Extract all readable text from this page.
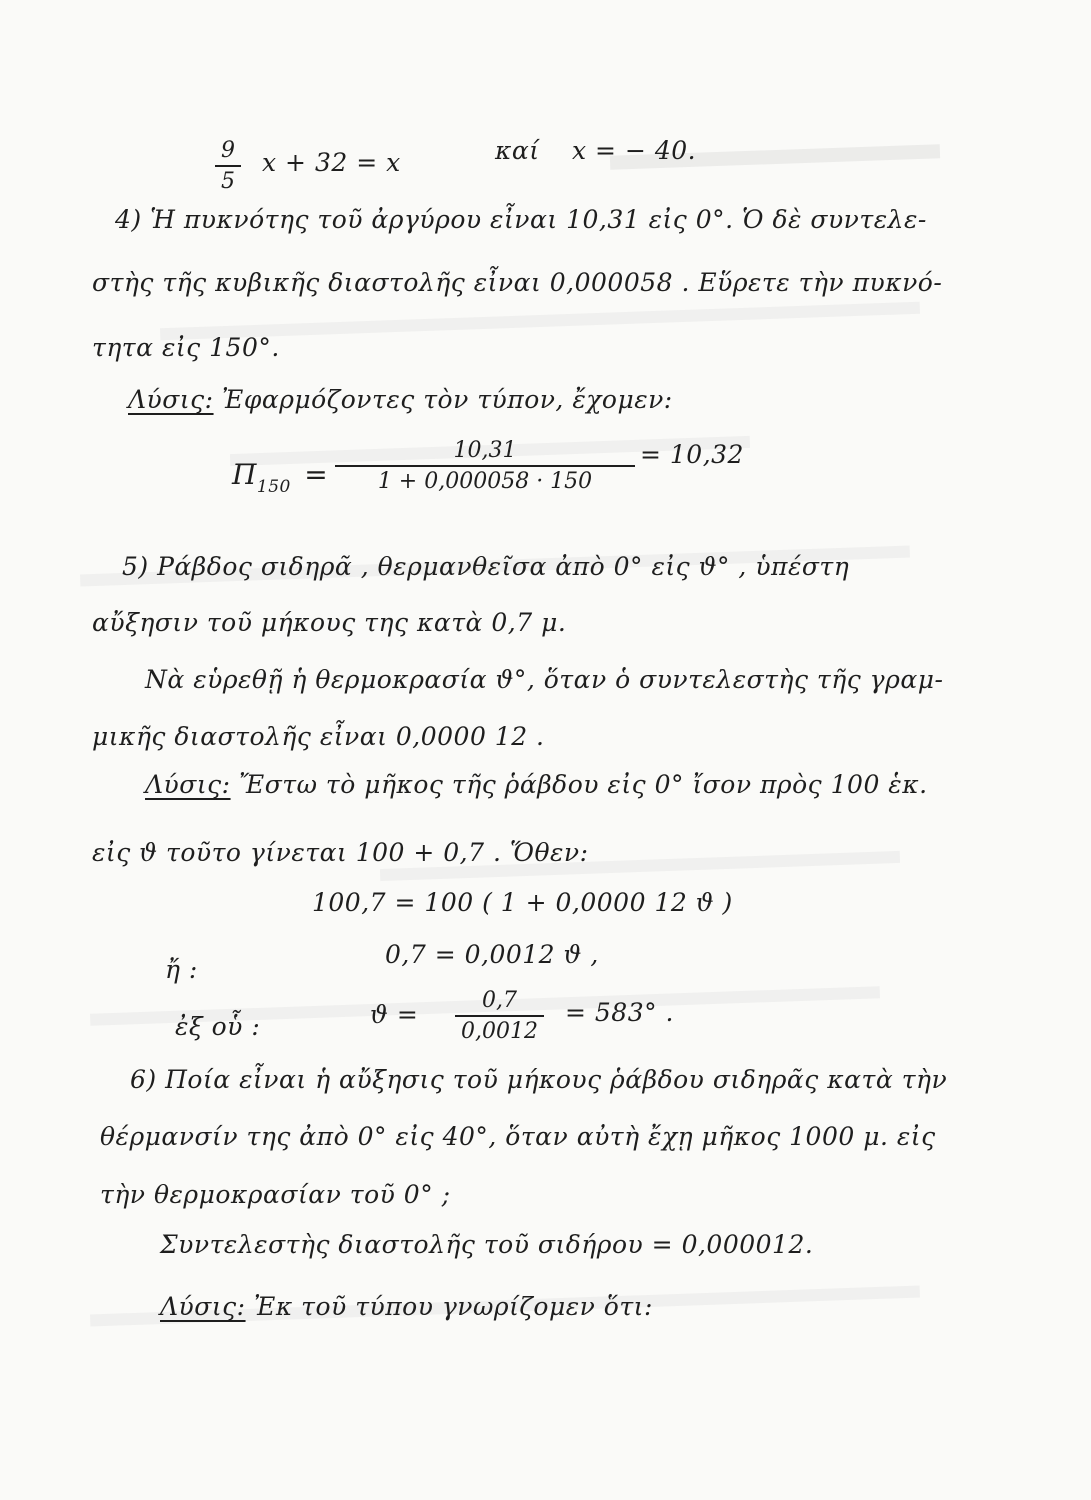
9
5
x + 32 = x	καί x = − 40.
4) Ἡ πυκνότης τοῦ ἀργύρου εἶναι 10,31 εἰς 0°. Ὁ δὲ συντελε-
στὴς τῆς κυβικῆς διαστολῆς εἶναι 0,000058 . Εὕρετε τὴν πυκνό-
τητα εἰς 150°.
Λύσις: Ἐφαρμόζοντες τὸν τύπον, ἔχομεν:
$\Pi_{150}$ =
10,31
1 + 0,000058 · 150
= 10,32
5) Ράβδος σιδηρᾶ , θερμανθεῖσα ἀπὸ 0° εἰς ϑ° , ὑπέστη
αὔξησιν τοῦ μήκους της κατὰ 0,7 μ.
Νὰ εὑρεθῇ ἡ θερμοκρασία ϑ°, ὅταν ὁ συντελεστὴς τῆς γραμ-
μικῆς διαστολῆς εἶναι 0,0000 12 .
Λύσις: Ἔστω τὸ μῆκος τῆς ῥάβδου εἰς 0° ἴσον πρὸς 100 ἑκ.
εἰς ϑ τοῦτο γίνεται 100 + 0,7 . Ὅθεν:
100,7 = 100 ( 1 + 0,0000 12 ϑ )
ἤ :
0,7 = 0,0012 ϑ ,
ἐξ οὗ :	ϑ =	0,7
0,0012
= 583° .
6) Ποία εἶναι ἡ αὔξησις τοῦ μήκους ῥάβδου σιδηρᾶς κατὰ τὴν
θέρμανσίν της ἀπὸ 0° εἰς 40°, ὅταν αὐτὴ ἔχῃ μῆκος 1000 μ. εἰς
τὴν θερμοκρασίαν τοῦ 0° ;
Συντελεστὴς διαστολῆς τοῦ σιδήρου = 0,000012.
Λύσις: Ἐκ τοῦ τύπου γνωρίζομεν ὅτι:
